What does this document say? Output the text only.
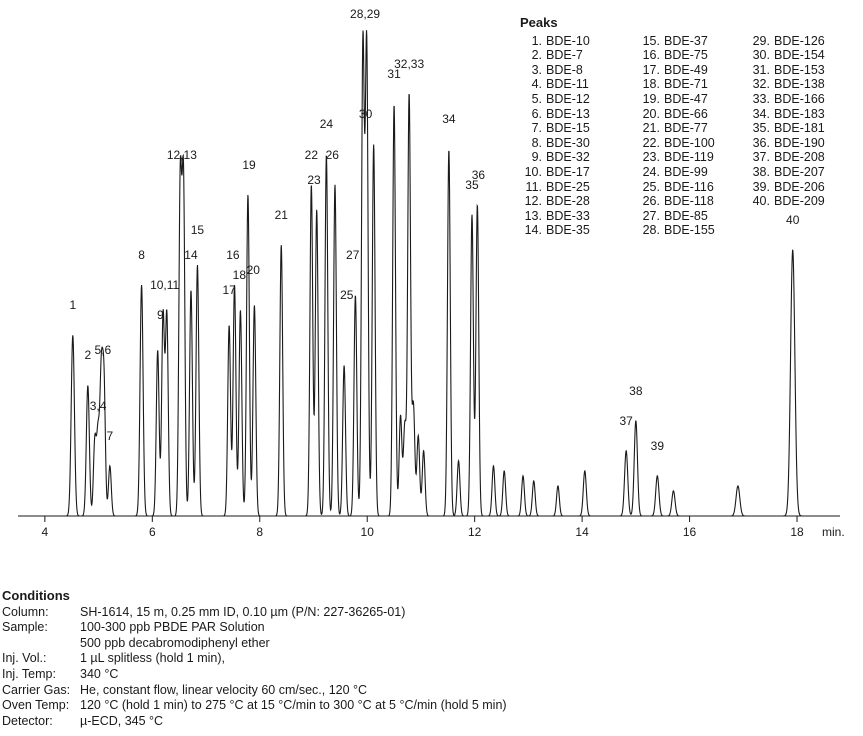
1
2
3,4
5,6
7
8
9
10,11
12,13
14
15
16
17
18
19
20
21
22
23
24
25
26
27
28,29
30
31
32,33
34
35
36
37
38
39
40
4	6	8	10	12	14	16	18 min.
Peaks
1. BDE-10
2. BDE-7
3. BDE-8
4. BDE-11
5. BDE-12
6. BDE-13
7. BDE-15
8. BDE-30
9. BDE-32
10. BDE-17
11. BDE-25
12. BDE-28
13. BDE-33
14. BDE-35
15. BDE-37
16. BDE-75
17. BDE-49
18. BDE-71
19. BDE-47
20. BDE-66
21. BDE-77
22. BDE-100
23. BDE-119
24. BDE-99
25. BDE-116
26. BDE-118
27. BDE-85
28. BDE-155
29. BDE-126
30. BDE-154
31. BDE-153
32. BDE-138
33. BDE-166
34. BDE-183
35. BDE-181
36. BDE-190
37. BDE-208
38. BDE-207
39. BDE-206
40. BDE-209
Conditions
Column:	SH-1614, 15 m, 0.25 mm ID, 0.10 µm (P/N: 227-36265-01)
Sample:	100-300 ppb PBDE PAR Solution
500 ppb decabromodiphenyl ether
Inj. Vol.:	1 µL splitless (hold 1 min),
Inj. Temp:	340 °C
Carrier Gas: He, constant flow, linear velocity 60 cm/sec., 120 °C
Oven Temp: 120 °C (hold 1 min) to 275 °C at 15 °C/min to 300 °C at 5 °C/min (hold 5 min)
Detector:	µ-ECD, 345 °C
